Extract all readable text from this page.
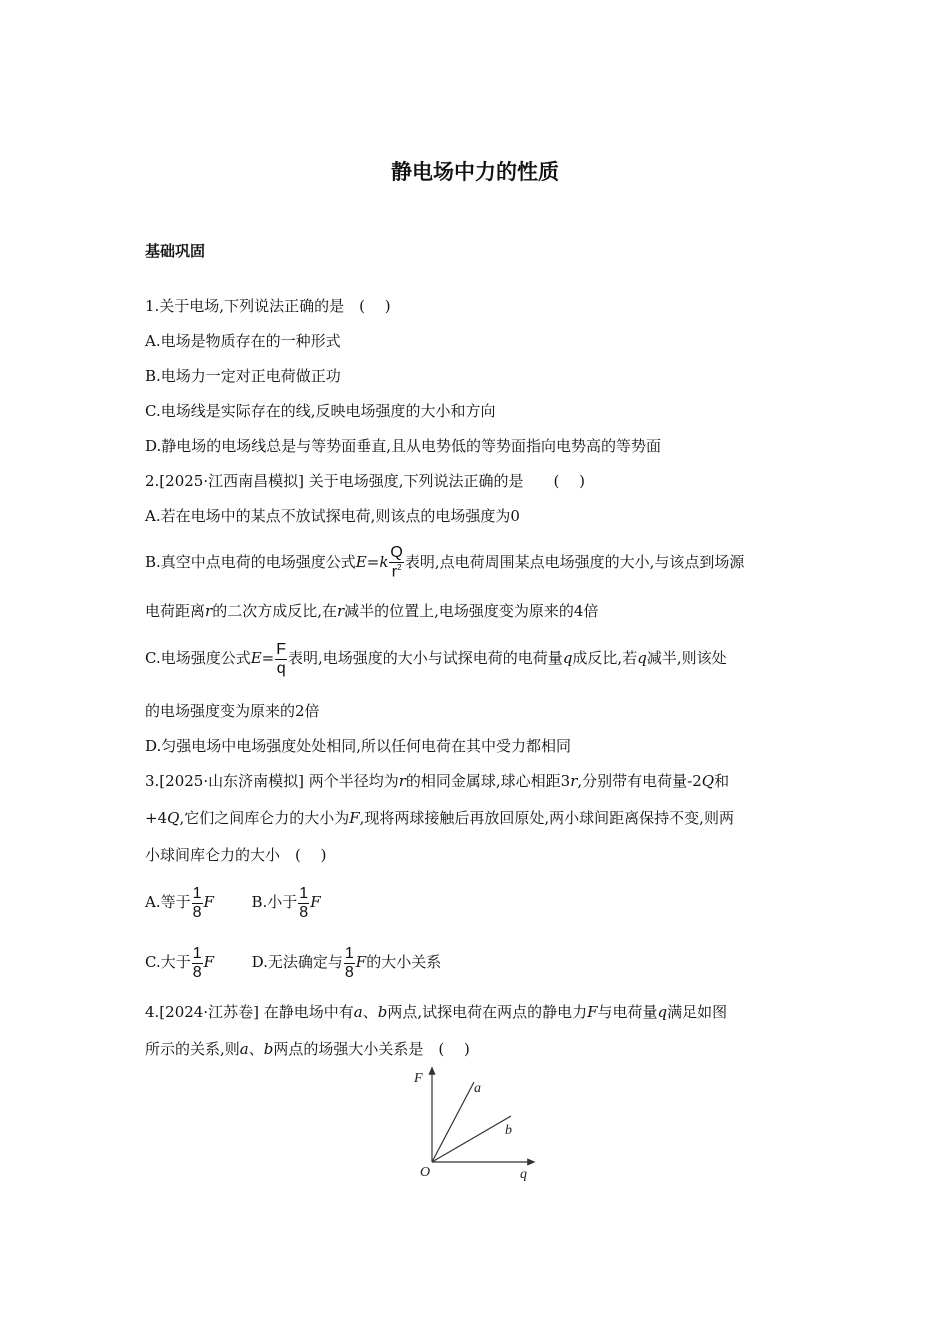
静电场中力的性质
基础巩固
1.关于电场,下列说法正确的是　( 　)
A.电场是物质存在的一种形式
B.电场力一定对正电荷做正功
C.电场线是实际存在的线,反映电场强度的大小和方向
D.静电场的电场线总是与等势面垂直,且从电势低的等势面指向电势高的等势面
2.[2025·江西南昌模拟] 关于电场强度,下列说法正确的是　　( 　)
A.若在电场中的某点不放试探电荷,则该点的电场强度为0
B.真空中点电荷的电场强度公式$E=k \frac{Q}{r^2}$ 表明,点电荷周围某点电场强度的大小,与该点到场源
电荷距离r的二次方成反比,在r减半的位置上,电场强度变为原来的4倍
C.电场强度公式$E= \frac{F}{q}$ 表明,电场强度的大小与试探电荷的电荷量q成反比,若q减半,则该处
的电场强度变为原来的2倍
D.匀强电场中电场强度处处相同,所以任何电荷在其中受力都相同
3.[2025·山东济南模拟] 两个半径均为r的相同金属球,球心相距3r,分别带有电荷量-2Q和
+4Q,它们之间库仑力的大小为F,现将两球接触后再放回原处,两小球间距离保持不变,则两
小球间库仑力的大小　( 　)
A.等于 $\frac{1}{8}$ F	B.小于 $\frac{1}{8}$ F
C.大于 $\frac{1}{8}$ F	D.无法确定与 $\frac{1}{8}$ F的大小关系
4.[2024·江苏卷] 在静电场中有a、b两点,试探电荷在两点的静电力F与电荷量q满足如图
所示的关系,则a、b两点的场强大小关系是　( 　)
F
q
O
a
b
